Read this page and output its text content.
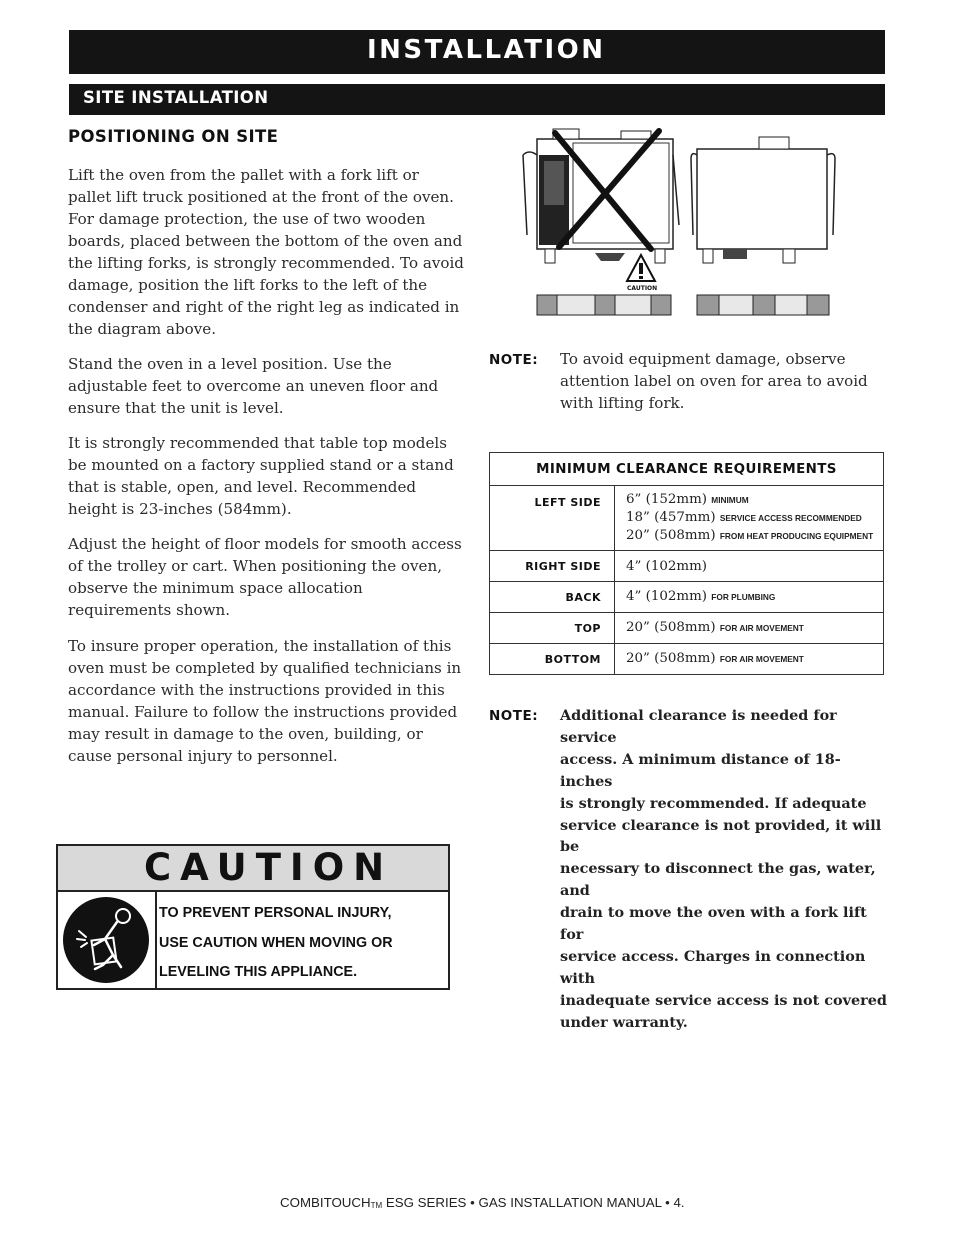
INSTALLATION
SITE INSTALLATION
POSITIONING ON SITE

Lift the oven from the pallet with a fork lift or pallet lift truck positioned at the front of the oven. For damage protection, the use of two wooden boards, placed between the bottom of the oven and the lifting forks, is strongly recommended. To avoid damage, position the lift forks to the left of the condenser and right of the right leg as indicated in the diagram above.

Stand the oven in a level position. Use the adjustable feet to overcome an uneven floor and ensure that the unit is level.

It is strongly recommended that table top models be mounted on a factory supplied stand or a stand that is stable, open, and level. Recommended height is 23-inches (584mm).

Adjust the height of floor models for smooth access of the trolley or cart. When positioning the oven, observe the minimum space allocation requirements shown.

To insure proper operation, the installation of this oven must be completed by qualified technicians in accordance with the instructions provided in this manual. Failure to follow the instructions provided may result in damage to the oven, building, or cause personal injury to personnel.

CAUTION
TO PREVENT PERSONAL INJURY,
USE CAUTION WHEN MOVING OR
LEVELING THIS APPLIANCE.
CAUTION
NOTE: To avoid equipment damage, observe attention label on oven for area to avoid with lifting fork.

MINIMUM CLEARANCE REQUIREMENTS	
LEFT SIDE	6” (152mm) MINIMUM
18” (457mm) SERVICE ACCESS RECOMMENDED
20” (508mm) FROM HEAT PRODUCING EQUIPMENT

RIGHT SIDE	4” (102mm)
BACK	4” (102mm) FOR PLUMBING
TOP	20” (508mm) FOR AIR MOVEMENT
BOTTOM	20” (508mm) FOR AIR MOVEMENT
NOTE: Additional clearance is needed for service
access. A minimum distance of 18-inches
is strongly recommended. If adequate
service clearance is not provided, it will be
necessary to disconnect the gas, water, and
drain to move the oven with a fork lift for
service access. Charges in connection with
inadequate service access is not covered
under warranty.
COMBITOUCH™ ESG SERIES • GAS INSTALLATION MANUAL • 4.
